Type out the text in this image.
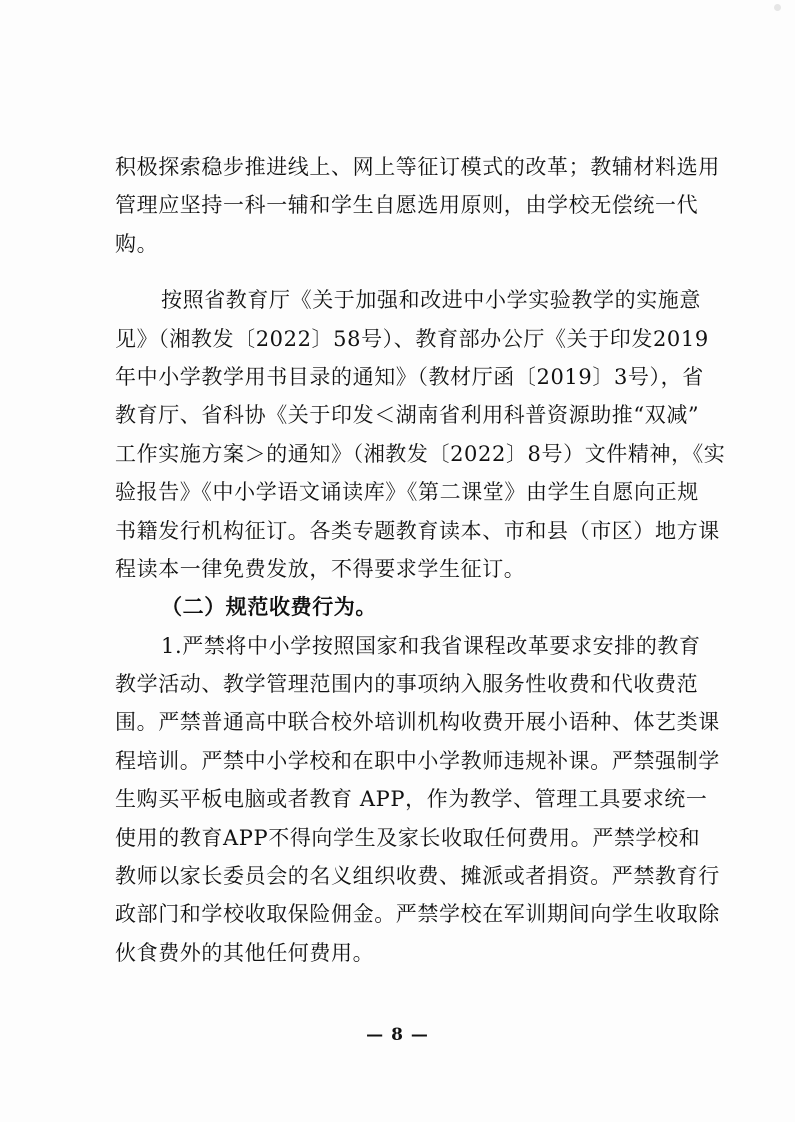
积极探索稳步推进线上、网上等征订模式的改革；教辅材料选用
管理应坚持一科一辅和学生自愿选用原则，由学校无偿统一代
购。
按照省教育厅《关于加强和改进中小学实验教学的实施意
见》（湘教发〔2022〕58号）、教育部办公厅《关于印发2019
年中小学教学用书目录的通知》（教材厅函〔2019〕3号），省
教育厅、省科协《关于印发＜湖南省利用科普资源助推“双减”
工作实施方案＞的通知》（湘教发〔2022〕8号）文件精神，《实
验报告》《中小学语文诵读库》《第二课堂》由学生自愿向正规
书籍发行机构征订。各类专题教育读本、市和县（市区）地方课
程读本一律免费发放，不得要求学生征订。
（二）规范收费行为。
1.严禁将中小学按照国家和我省课程改革要求安排的教育
教学活动、教学管理范围内的事项纳入服务性收费和代收费范
围。严禁普通高中联合校外培训机构收费开展小语种、体艺类课
程培训。严禁中小学校和在职中小学教师违规补课。严禁强制学
生购买平板电脑或者教育 APP，作为教学、管理工具要求统一
使用的教育APP不得向学生及家长收取任何费用。严禁学校和
教师以家长委员会的名义组织收费、摊派或者捐资。严禁教育行
政部门和学校收取保险佣金。严禁学校在军训期间向学生收取除
伙食费外的其他任何费用。
— 8 —
